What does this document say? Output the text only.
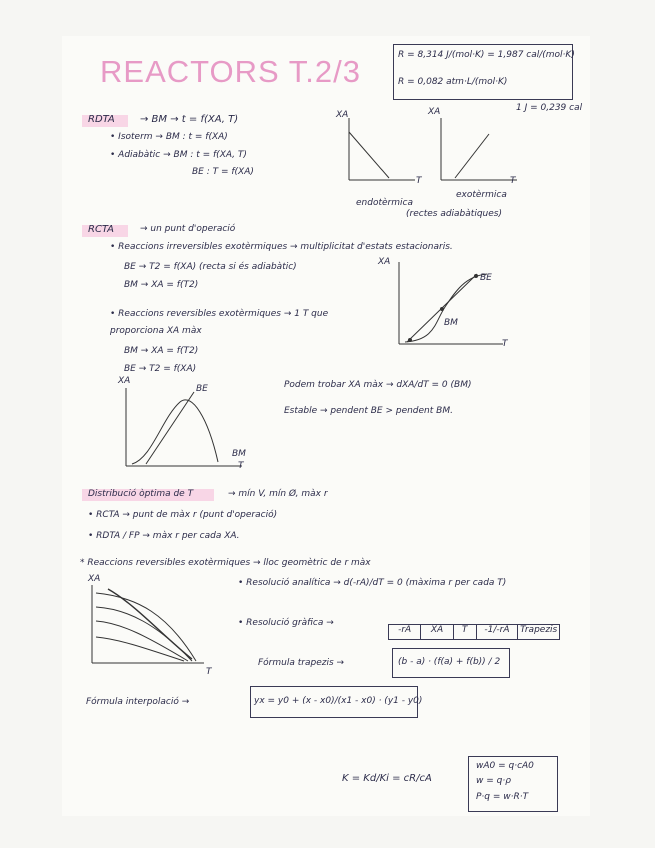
REACTORS T.2/3	R = 8,314 J/(mol·K) = 1,987 cal/(mol·K)
R = 0,082 atm·L/(mol·K)
1 J = 0,239 cal
RDTA	→ BM → t = f(XA, T)
• Isoterm → BM : t = f(XA)
• Adiabàtic → BM : t = f(XA, T)
BE : T = f(XA)
XA
T
endotèrmica
XA
T
exotèrmica
(rectes adiabàtiques)
RCTA	→ un punt d'operació
• Reaccions irreversibles exotèrmiques → multiplicitat d'estats estacionaris.
BE → T2 = f(XA) (recta si és adiabàtic)
BM → XA = f(T2)
• Reaccions reversibles exotèrmiques → 1 T que
proporciona XA màx
BM → XA = f(T2)
BE → T2 = f(XA)
XA
T
BE
BM
XA
T
BE
BM
Podem trobar XA màx → dXA/dT = 0 (BM)
Estable → pendent BE > pendent BM.
Distribució òptima de T	→ mín V, mín Ø, màx r
• RCTA → punt de màx r (punt d'operació)
• RDTA / FP → màx r per cada XA.
* Reaccions reversibles exotèrmiques → lloc geomètric de r màx
XA
T
• Resolució analítica → d(-rA)/dT = 0 (màxima r per cada T)
• Resolució gràfica →
-rA	XA	T	-1/-rA	Trapezis
Fórmula trapezis →	(b - a) · (f(a) + f(b)) / 2
Fórmula interpolació →	yx = y0 + (x - x0)/(x1 - x0) · (y1 - y0)
K = Kd/Ki = cR/cA
wA0 = q·cA0
w = q·ρ
P·q = w·R·T
